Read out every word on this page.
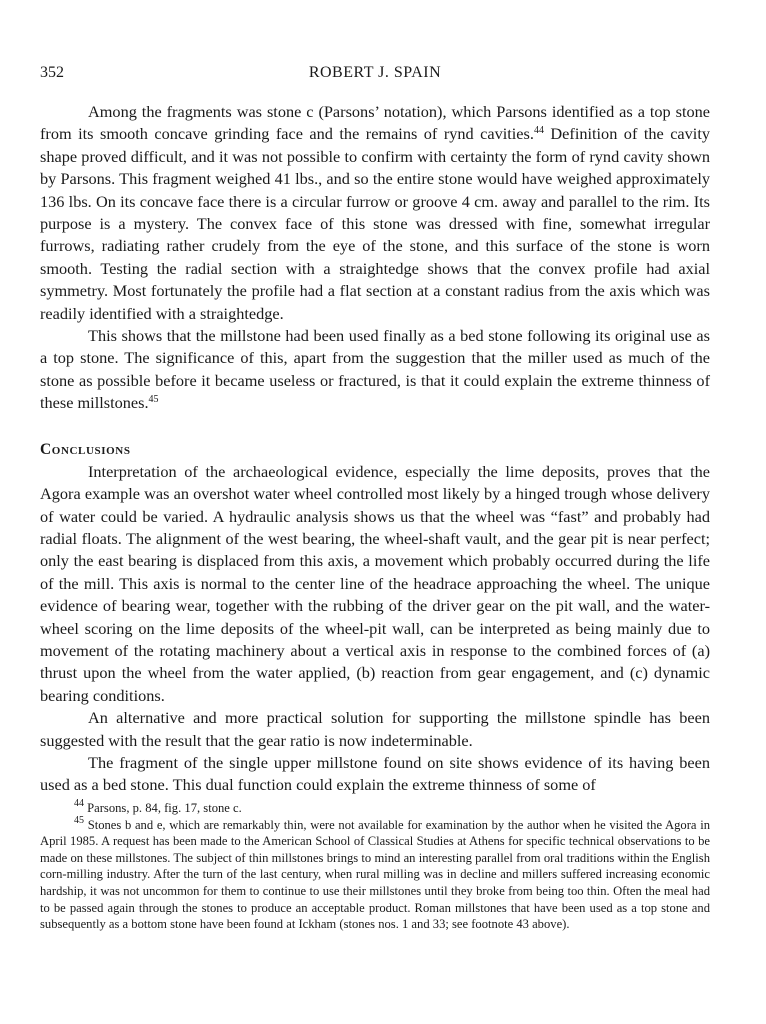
352	ROBERT J. SPAIN

Among the fragments was stone c (Parsons’ notation), which Parsons identified as a top stone from its smooth concave grinding face and the remains of rynd cavities.$^{44}$ Definition of the cavity shape proved difficult, and it was not possible to confirm with certainty the form of rynd cavity shown by Parsons. This fragment weighed 41 lbs., and so the entire stone would have weighed approximately 136 lbs. On its concave face there is a circular furrow or groove 4 cm. away and parallel to the rim. Its purpose is a mystery. The convex face of this stone was dressed with fine, somewhat irregular furrows, radiating rather crudely from the eye of the stone, and this surface of the stone is worn smooth. Testing the radial section with a straightedge shows that the convex profile had axial symmetry. Most fortunately the profile had a flat section at a constant radius from the axis which was readily identified with a straightedge.

This shows that the millstone had been used finally as a bed stone following its original use as a top stone. The significance of this, apart from the suggestion that the miller used as much of the stone as possible before it became useless or fractured, is that it could explain the extreme thinness of these millstones.$^{45}$

Conclusions

Interpretation of the archaeological evidence, especially the lime deposits, proves that the Agora example was an overshot water wheel controlled most likely by a hinged trough whose delivery of water could be varied. A hydraulic analysis shows us that the wheel was “fast” and probably had radial floats. The alignment of the west bearing, the wheel-shaft vault, and the gear pit is near perfect; only the east bearing is displaced from this axis, a movement which probably occurred during the life of the mill. This axis is normal to the center line of the headrace approaching the wheel. The unique evidence of bearing wear, together with the rubbing of the driver gear on the pit wall, and the water-wheel scoring on the lime deposits of the wheel-pit wall, can be interpreted as being mainly due to movement of the rotating machinery about a vertical axis in response to the combined forces of (a) thrust upon the wheel from the water applied, (b) reaction from gear engagement, and (c) dynamic bearing conditions.

An alternative and more practical solution for supporting the millstone spindle has been suggested with the result that the gear ratio is now indeterminable.

The fragment of the single upper millstone found on site shows evidence of its having been used as a bed stone. This dual function could explain the extreme thinness of some of

$^{44}$ Parsons, p. 84, fig. 17, stone c.

$^{45}$ Stones b and e, which are remarkably thin, were not available for examination by the author when he visited the Agora in April 1985. A request has been made to the American School of Classical Studies at Athens for specific technical observations to be made on these millstones. The subject of thin millstones brings to mind an interesting parallel from oral traditions within the English corn-milling industry. After the turn of the last century, when rural milling was in decline and millers suffered increasing economic hardship, it was not uncommon for them to continue to use their millstones until they broke from being too thin. Often the meal had to be passed again through the stones to produce an acceptable product. Roman millstones that have been used as a top stone and subsequently as a bottom stone have been found at Ickham (stones nos. 1 and 33; see footnote 43 above).
